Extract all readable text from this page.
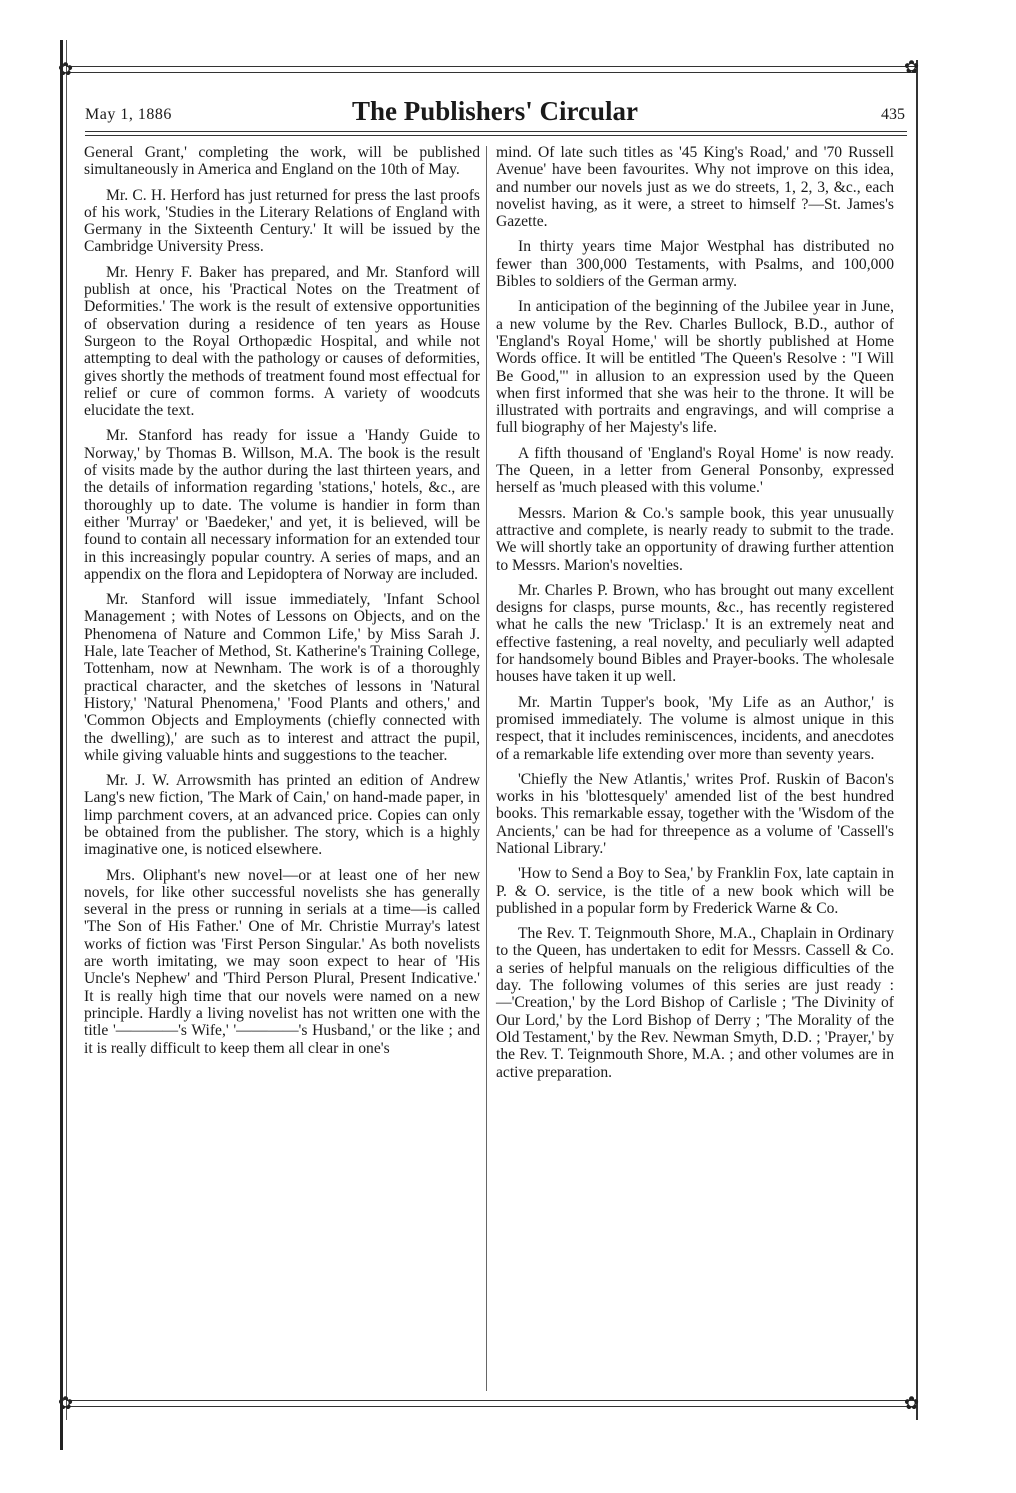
✿	✿
✿	✿
May 1, 1886	The Publishers' Circular	435

General Grant,' completing the work, will be published simultaneously in America and England on the 10th of May.

Mr. C. H. Herford has just returned for press the last proofs of his work, 'Studies in the Literary Relations of England with Germany in the Sixteenth Century.' It will be issued by the Cambridge University Press.

Mr. Henry F. Baker has prepared, and Mr. Stanford will publish at once, his 'Practical Notes on the Treatment of Deformities.' The work is the result of extensive opportunities of observation during a residence of ten years as House Surgeon to the Royal Orthopædic Hospital, and while not attempting to deal with the pathology or causes of deformities, gives shortly the methods of treatment found most effectual for relief or cure of common forms. A variety of woodcuts elucidate the text.

Mr. Stanford has ready for issue a 'Handy Guide to Norway,' by Thomas B. Willson, M.A. The book is the result of visits made by the author during the last thirteen years, and the details of information regarding 'stations,' hotels, &c., are thoroughly up to date. The volume is handier in form than either 'Murray' or 'Baedeker,' and yet, it is believed, will be found to contain all necessary information for an extended tour in this increasingly popular country. A series of maps, and an appendix on the flora and Lepidoptera of Norway are included.

Mr. Stanford will issue immediately, 'Infant School Management ; with Notes of Lessons on Objects, and on the Phenomena of Nature and Common Life,' by Miss Sarah J. Hale, late Teacher of Method, St. Katherine's Training College, Tottenham, now at Newnham. The work is of a thoroughly practical character, and the sketches of lessons in 'Natural History,' 'Natural Phenomena,' 'Food Plants and others,' and 'Common Objects and Employments (chiefly connected with the dwelling),' are such as to interest and attract the pupil, while giving valuable hints and suggestions to the teacher.

Mr. J. W. Arrowsmith has printed an edition of Andrew Lang's new fiction, 'The Mark of Cain,' on hand-made paper, in limp parchment covers, at an advanced price. Copies can only be obtained from the publisher. The story, which is a highly imaginative one, is noticed elsewhere.

Mrs. Oliphant's new novel—or at least one of her new novels, for like other successful novelists she has generally several in the press or running in serials at a time—is called 'The Son of His Father.' One of Mr. Christie Murray's latest works of fiction was 'First Person Singular.' As both novelists are worth imitating, we may soon expect to hear of 'His Uncle's Nephew' and 'Third Person Plural, Present Indicative.' It is really high time that our novels were named on a new principle. Hardly a living novelist has not written one with the title '————'s Wife,' '————'s Husband,' or the like ; and it is really difficult to keep them all clear in one's

mind. Of late such titles as '45 King's Road,' and '70 Russell Avenue' have been favourites. Why not improve on this idea, and number our novels just as we do streets, 1, 2, 3, &c., each novelist having, as it were, a street to himself ?—St. James's Gazette.

In thirty years time Major Westphal has distributed no fewer than 300,000 Testaments, with Psalms, and 100,000 Bibles to soldiers of the German army.

In anticipation of the beginning of the Jubilee year in June, a new volume by the Rev. Charles Bullock, B.D., author of 'England's Royal Home,' will be shortly published at Home Words office. It will be entitled 'The Queen's Resolve : "I Will Be Good,"' in allusion to an expression used by the Queen when first informed that she was heir to the throne. It will be illustrated with portraits and engravings, and will comprise a full biography of her Majesty's life.

A fifth thousand of 'England's Royal Home' is now ready. The Queen, in a letter from General Ponsonby, expressed herself as 'much pleased with this volume.'

Messrs. Marion & Co.'s sample book, this year unusually attractive and complete, is nearly ready to submit to the trade. We will shortly take an opportunity of drawing further attention to Messrs. Marion's novelties.

Mr. Charles P. Brown, who has brought out many excellent designs for clasps, purse mounts, &c., has recently registered what he calls the new 'Triclasp.' It is an extremely neat and effective fastening, a real novelty, and peculiarly well adapted for handsomely bound Bibles and Prayer-books. The wholesale houses have taken it up well.

Mr. Martin Tupper's book, 'My Life as an Author,' is promised immediately. The volume is almost unique in this respect, that it includes reminiscences, incidents, and anecdotes of a remarkable life extending over more than seventy years.

'Chiefly the New Atlantis,' writes Prof. Ruskin of Bacon's works in his 'blottesquely' amended list of the best hundred books. This remarkable essay, together with the 'Wisdom of the Ancients,' can be had for threepence as a volume of 'Cassell's National Library.'

'How to Send a Boy to Sea,' by Franklin Fox, late captain in P. & O. service, is the title of a new book which will be published in a popular form by Frederick Warne & Co.

The Rev. T. Teignmouth Shore, M.A., Chaplain in Ordinary to the Queen, has undertaken to edit for Messrs. Cassell & Co. a series of helpful manuals on the religious difficulties of the day. The following volumes of this series are just ready :—'Creation,' by the Lord Bishop of Carlisle ; 'The Divinity of Our Lord,' by the Lord Bishop of Derry ; 'The Morality of the Old Testament,' by the Rev. Newman Smyth, D.D. ; 'Prayer,' by the Rev. T. Teignmouth Shore, M.A. ; and other volumes are in active preparation.
